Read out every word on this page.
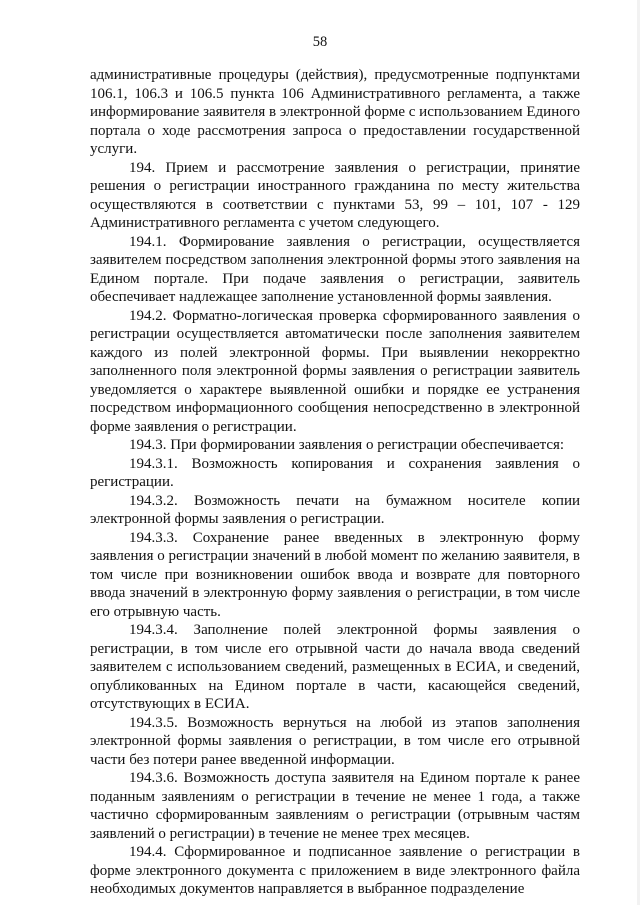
58

административные процедуры (действия), предусмотренные подпунктами 106.1, 106.3 и 106.5 пункта 106 Административного регламента, а также информирование заявителя в электронной форме с использованием Единого портала о ходе рассмотрения запроса о предоставлении государственной услуги.

194. Прием и рассмотрение заявления о регистрации, принятие решения о регистрации иностранного гражданина по месту жительства осуществляются в соответствии с пунктами 53, 99 – 101, 107 - 129 Административного регламента с учетом следующего.

194.1. Формирование заявления о регистрации, осуществляется заявителем посредством заполнения электронной формы этого заявления на Едином портале. При подаче заявления о регистрации, заявитель обеспечивает надлежащее заполнение установленной формы заявления.

194.2. Форматно-логическая проверка сформированного заявления о регистрации осуществляется автоматически после заполнения заявителем каждого из полей электронной формы. При выявлении некорректно заполненного поля электронной формы заявления о регистрации заявитель уведомляется о характере выявленной ошибки и порядке ее устранения посредством информационного сообщения непосредственно в электронной форме заявления о регистрации.

194.3. При формировании заявления о регистрации обеспечивается:

194.3.1. Возможность копирования и сохранения заявления о регистрации.

194.3.2. Возможность печати на бумажном носителе копии электронной формы заявления о регистрации.

194.3.3. Сохранение ранее введенных в электронную форму заявления о регистрации значений в любой момент по желанию заявителя, в том числе при возникновении ошибок ввода и возврате для повторного ввода значений в электронную форму заявления о регистрации, в том числе его отрывную часть.

194.3.4. Заполнение полей электронной формы заявления о регистрации, в том числе его отрывной части до начала ввода сведений заявителем с использованием сведений, размещенных в ЕСИА, и сведений, опубликованных на Едином портале в части, касающейся сведений, отсутствующих в ЕСИА.

194.3.5. Возможность вернуться на любой из этапов заполнения электронной формы заявления о регистрации, в том числе его отрывной части без потери ранее введенной информации.

194.3.6. Возможность доступа заявителя на Едином портале к ранее поданным заявлениям о регистрации в течение не менее 1 года, а также частично сформированным заявлениям о регистрации (отрывным частям заявлений о регистрации) в течение не менее трех месяцев.

194.4. Сформированное и подписанное заявление о регистрации в форме электронного документа с приложением в виде электронного файла необходимых документов направляется в выбранное подразделение
